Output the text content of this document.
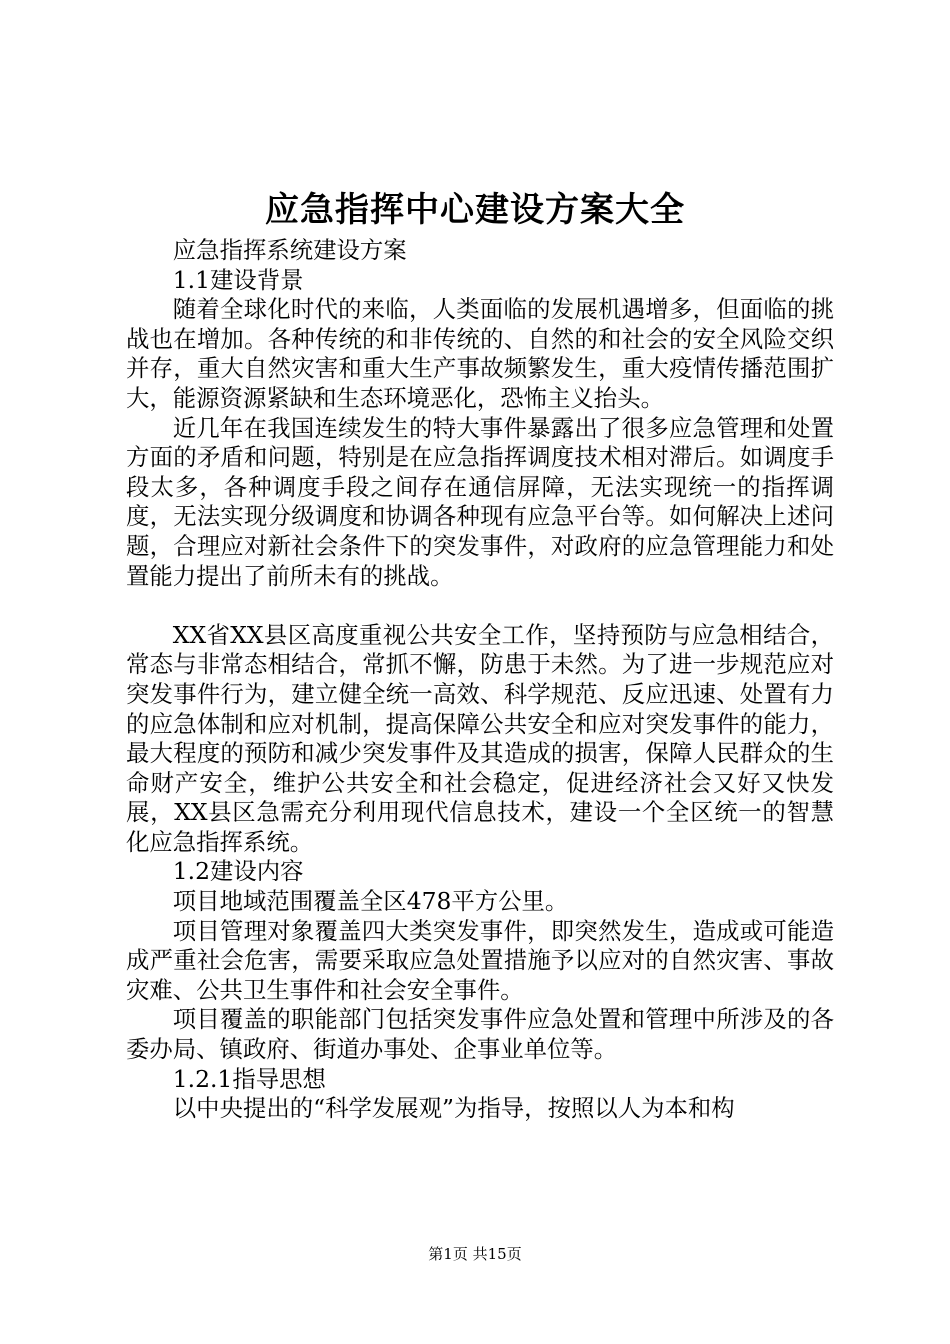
应急指挥中心建设方案大全

应急指挥系统建设方案

1.1建设背景

随着全球化时代的来临，人类面临的发展机遇增多，但面临的挑战也在增加。各种传统的和非传统的、自然的和社会的安全风险交织并存，重大自然灾害和重大生产事故频繁发生，重大疫情传播范围扩大，能源资源紧缺和生态环境恶化，恐怖主义抬头。

近几年在我国连续发生的特大事件暴露出了很多应急管理和处置方面的矛盾和问题，特别是在应急指挥调度技术相对滞后。如调度手段太多，各种调度手段之间存在通信屏障，无法实现统一的指挥调度，无法实现分级调度和协调各种现有应急平台等。如何解决上述问题，合理应对新社会条件下的突发事件，对政府的应急管理能力和处置能力提出了前所未有的挑战。

XX省XX县区高度重视公共安全工作，坚持预防与应急相结合，常态与非常态相结合，常抓不懈，防患于未然。为了进一步规范应对突发事件行为，建立健全统一高效、科学规范、反应迅速、处置有力的应急体制和应对机制，提高保障公共安全和应对突发事件的能力，最大程度的预防和减少突发事件及其造成的损害，保障人民群众的生命财产安全，维护公共安全和社会稳定，促进经济社会又好又快发展，XX县区急需充分利用现代信息技术，建设一个全区统一的智慧化应急指挥系统。

1.2建设内容

项目地域范围覆盖全区478平方公里。

项目管理对象覆盖四大类突发事件，即突然发生，造成或可能造成严重社会危害，需要采取应急处置措施予以应对的自然灾害、事故灾难、公共卫生事件和社会安全事件。

项目覆盖的职能部门包括突发事件应急处置和管理中所涉及的各委办局、镇政府、街道办事处、企事业单位等。

1.2.1指导思想

以中央提出的“科学发展观”为指导，按照以人为本和构

第1页 共15页
